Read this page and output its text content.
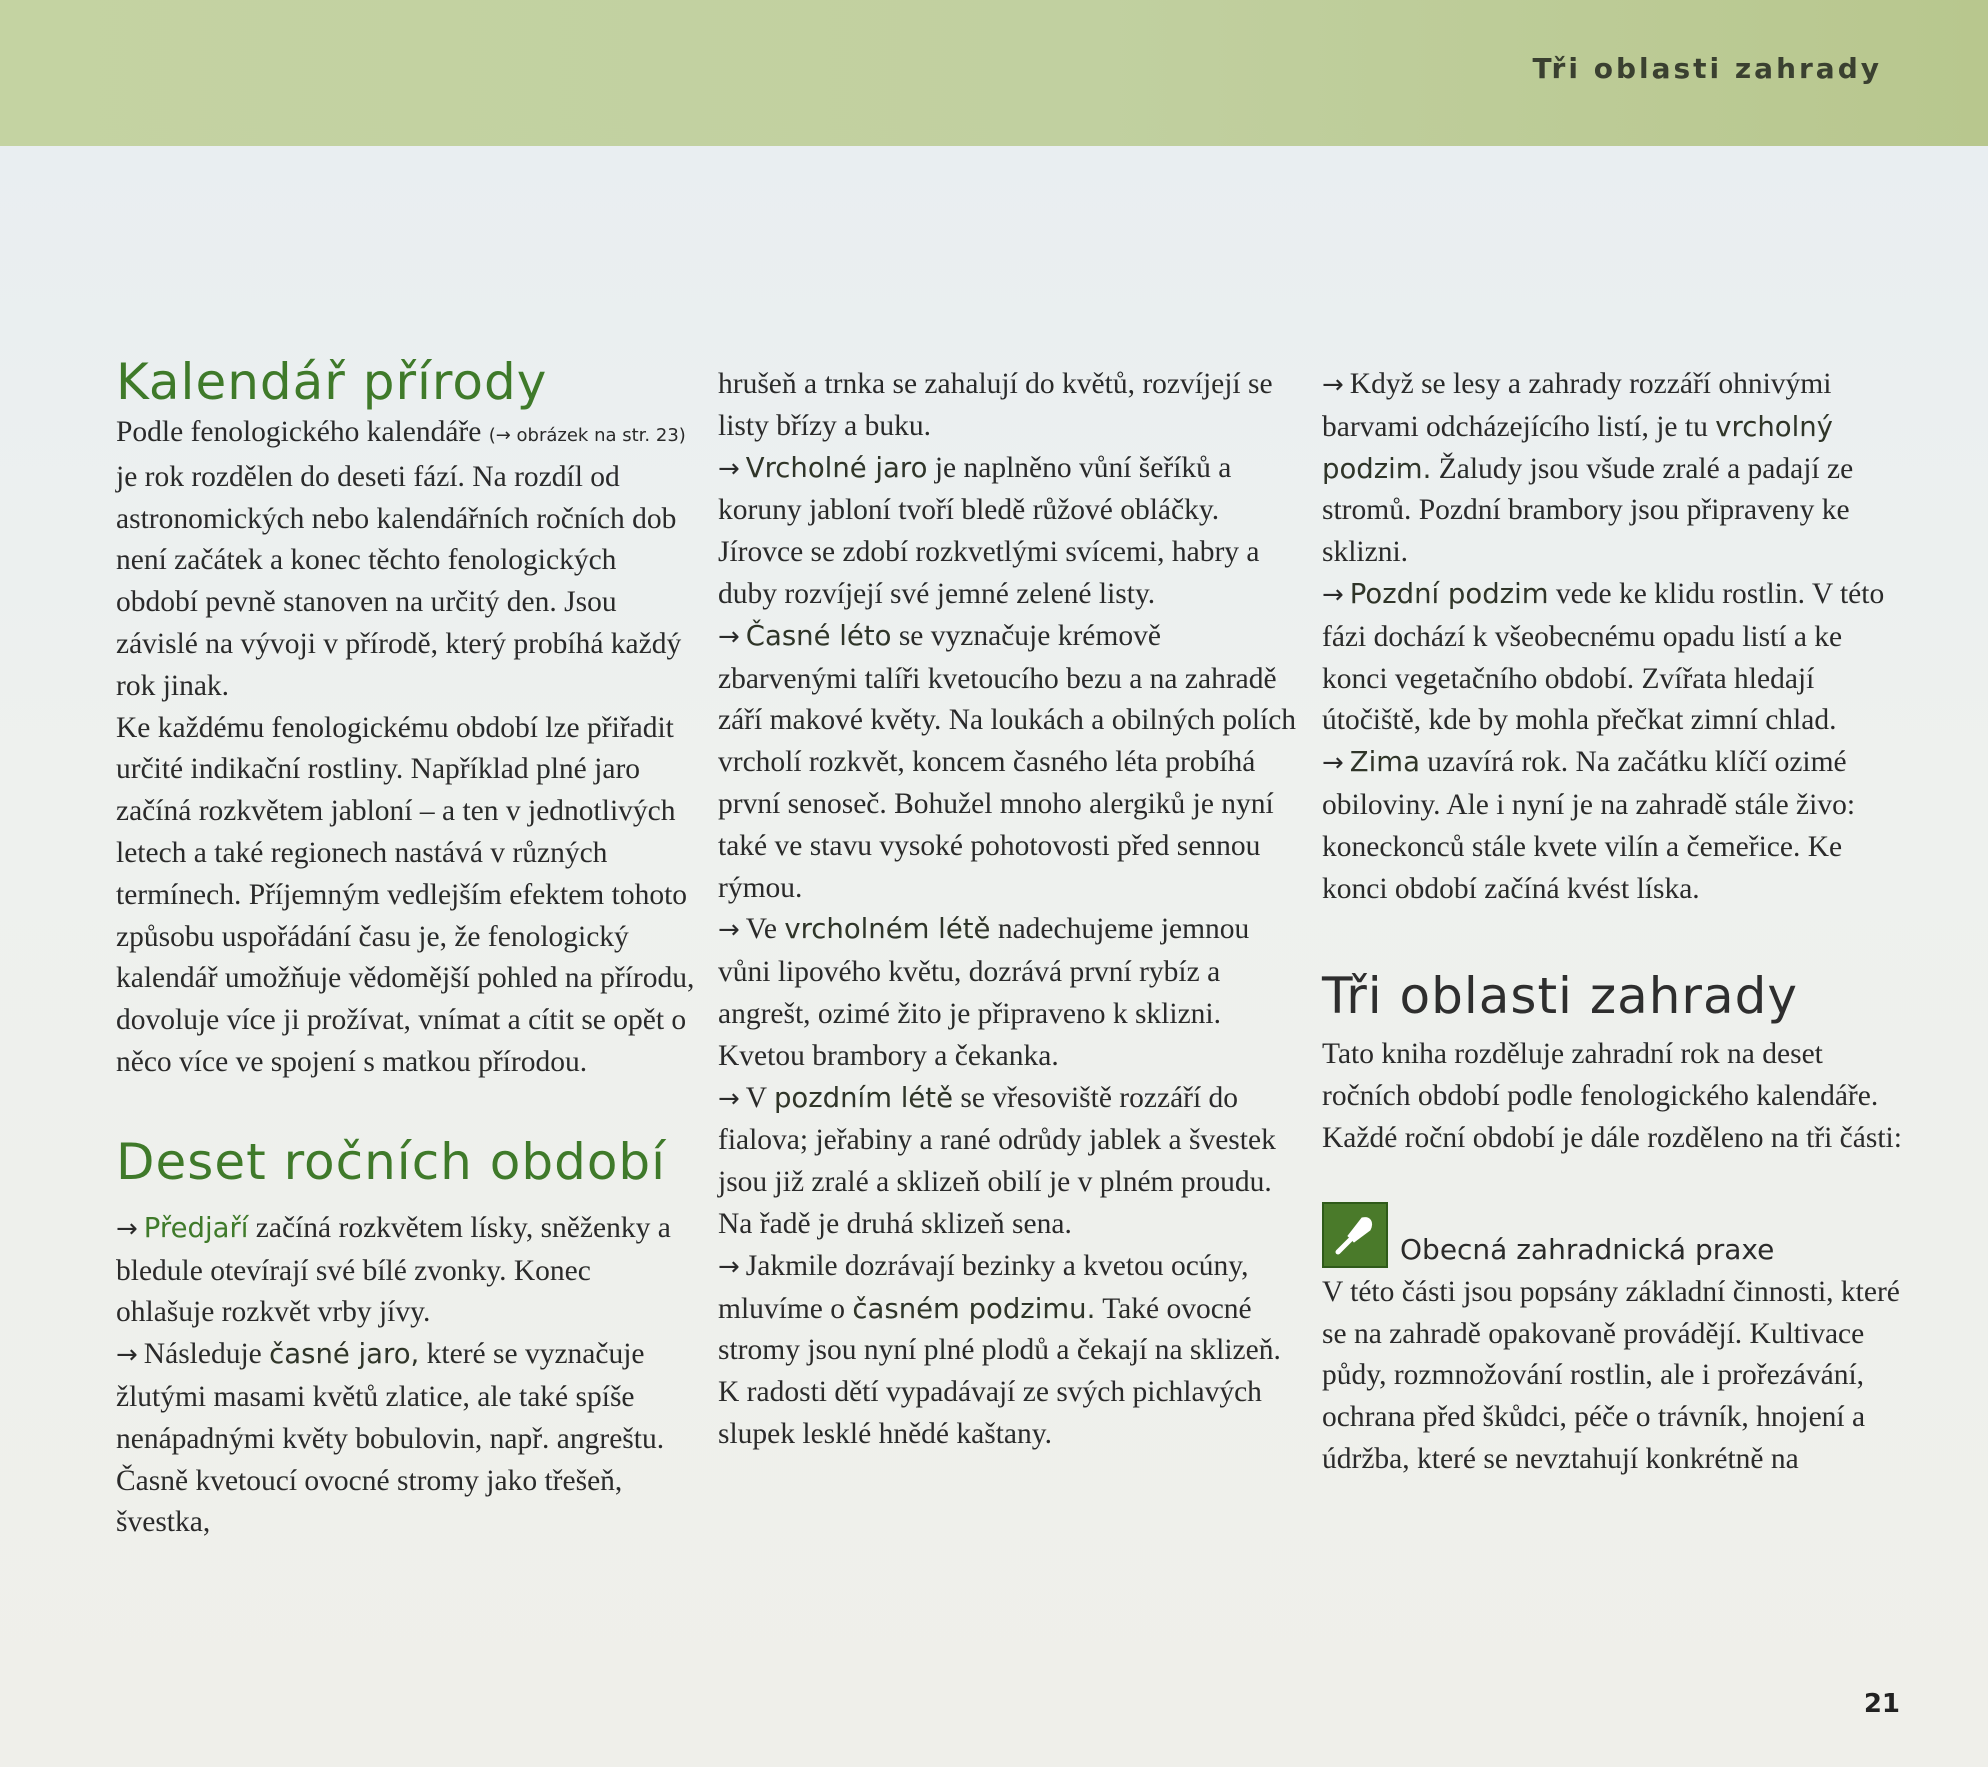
Tři oblasti zahrady
Kalendář přírody

Podle fenologického kalendáře (→ obrázek na str. 23) je rok rozdělen do deseti fází. Na rozdíl od astronomických nebo kalendářních ročních dob není začátek a konec těchto fenologických období pevně stanoven na určitý den. Jsou závislé na vývoji v přírodě, který probíhá každý rok jinak.

Ke každému fenologickému období lze přiřadit určité indikační rostliny. Například plné jaro začíná rozkvětem jabloní – a ten v jednotlivých letech a také regionech nastává v různých termínech. Příjemným vedlejším efektem tohoto způsobu uspořádání času je, že fenologický kalendář umožňuje vědomější pohled na přírodu, dovoluje více ji prožívat, vnímat a cítit se opět o něco více ve spojení s matkou přírodou.

Deset ročních období

→ Předjaří začíná rozkvětem lísky, sněženky a bledule otevírají své bílé zvonky. Konec ohlašuje rozkvět vrby jívy.

→ Následuje časné jaro, které se vyznačuje žlutými masami květů zlatice, ale také spíše nenápadnými květy bobulovin, např. angreštu. Časně kvetoucí ovocné stromy jako třešeň, švestka,

hrušeň a trnka se zahalují do květů, rozvíjejí se listy břízy a buku.

→ Vrcholné jaro je naplněno vůní šeříků a koruny jabloní tvoří bledě růžové obláčky. Jírovce se zdobí rozkvetlými svícemi, habry a duby rozvíjejí své jemné zelené listy.

→ Časné léto se vyznačuje krémově zbarvenými talíři kvetoucího bezu a na zahradě září makové květy. Na loukách a obilných polích vrcholí rozkvět, koncem časného léta probíhá první senoseč. Bohužel mnoho alergiků je nyní také ve stavu vysoké pohotovosti před sennou rýmou.

→ Ve vrcholném létě nadechujeme jemnou vůni lipového květu, dozrává první rybíz a angrešt, ozimé žito je připraveno k sklizni. Kvetou brambory a čekanka.

→ V pozdním létě se vřesoviště rozzáří do fialova; jeřabiny a rané odrůdy jablek a švestek jsou již zralé a sklizeň obilí je v plném proudu. Na řadě je druhá sklizeň sena.

→ Jakmile dozrávají bezinky a kvetou ocúny, mluvíme o časném podzimu. Také ovocné stromy jsou nyní plné plodů a čekají na sklizeň. K radosti dětí vypadávají ze svých pichlavých slupek lesklé hnědé kaštany.

→ Když se lesy a zahrady rozzáří ohnivými barvami odcházejícího listí, je tu vrcholný podzim. Žaludy jsou všude zralé a padají ze stromů. Pozdní brambory jsou připraveny ke sklizni.

→ Pozdní podzim vede ke klidu rostlin. V této fázi dochází k všeobecnému opadu listí a ke konci vegetačního období. Zvířata hledají útočiště, kde by mohla přečkat zimní chlad.

→ Zima uzavírá rok. Na začátku klíčí ozimé obiloviny. Ale i nyní je na zahradě stále živo: koneckonců stále kvete vilín a čemeřice. Ke konci období začíná kvést líska.

Tři oblasti zahrady

Tato kniha rozděluje zahradní rok na deset ročních období podle fenologického kalendáře. Každé roční období je dále rozděleno na tři části:

Obecná zahradnická praxe

V této části jsou popsány základní činnosti, které se na zahradě opakovaně provádějí. Kultivace půdy, rozmnožování rostlin, ale i prořezávání, ochrana před škůdci, péče o trávník, hnojení a údržba, které se nevztahují konkrétně na

21
